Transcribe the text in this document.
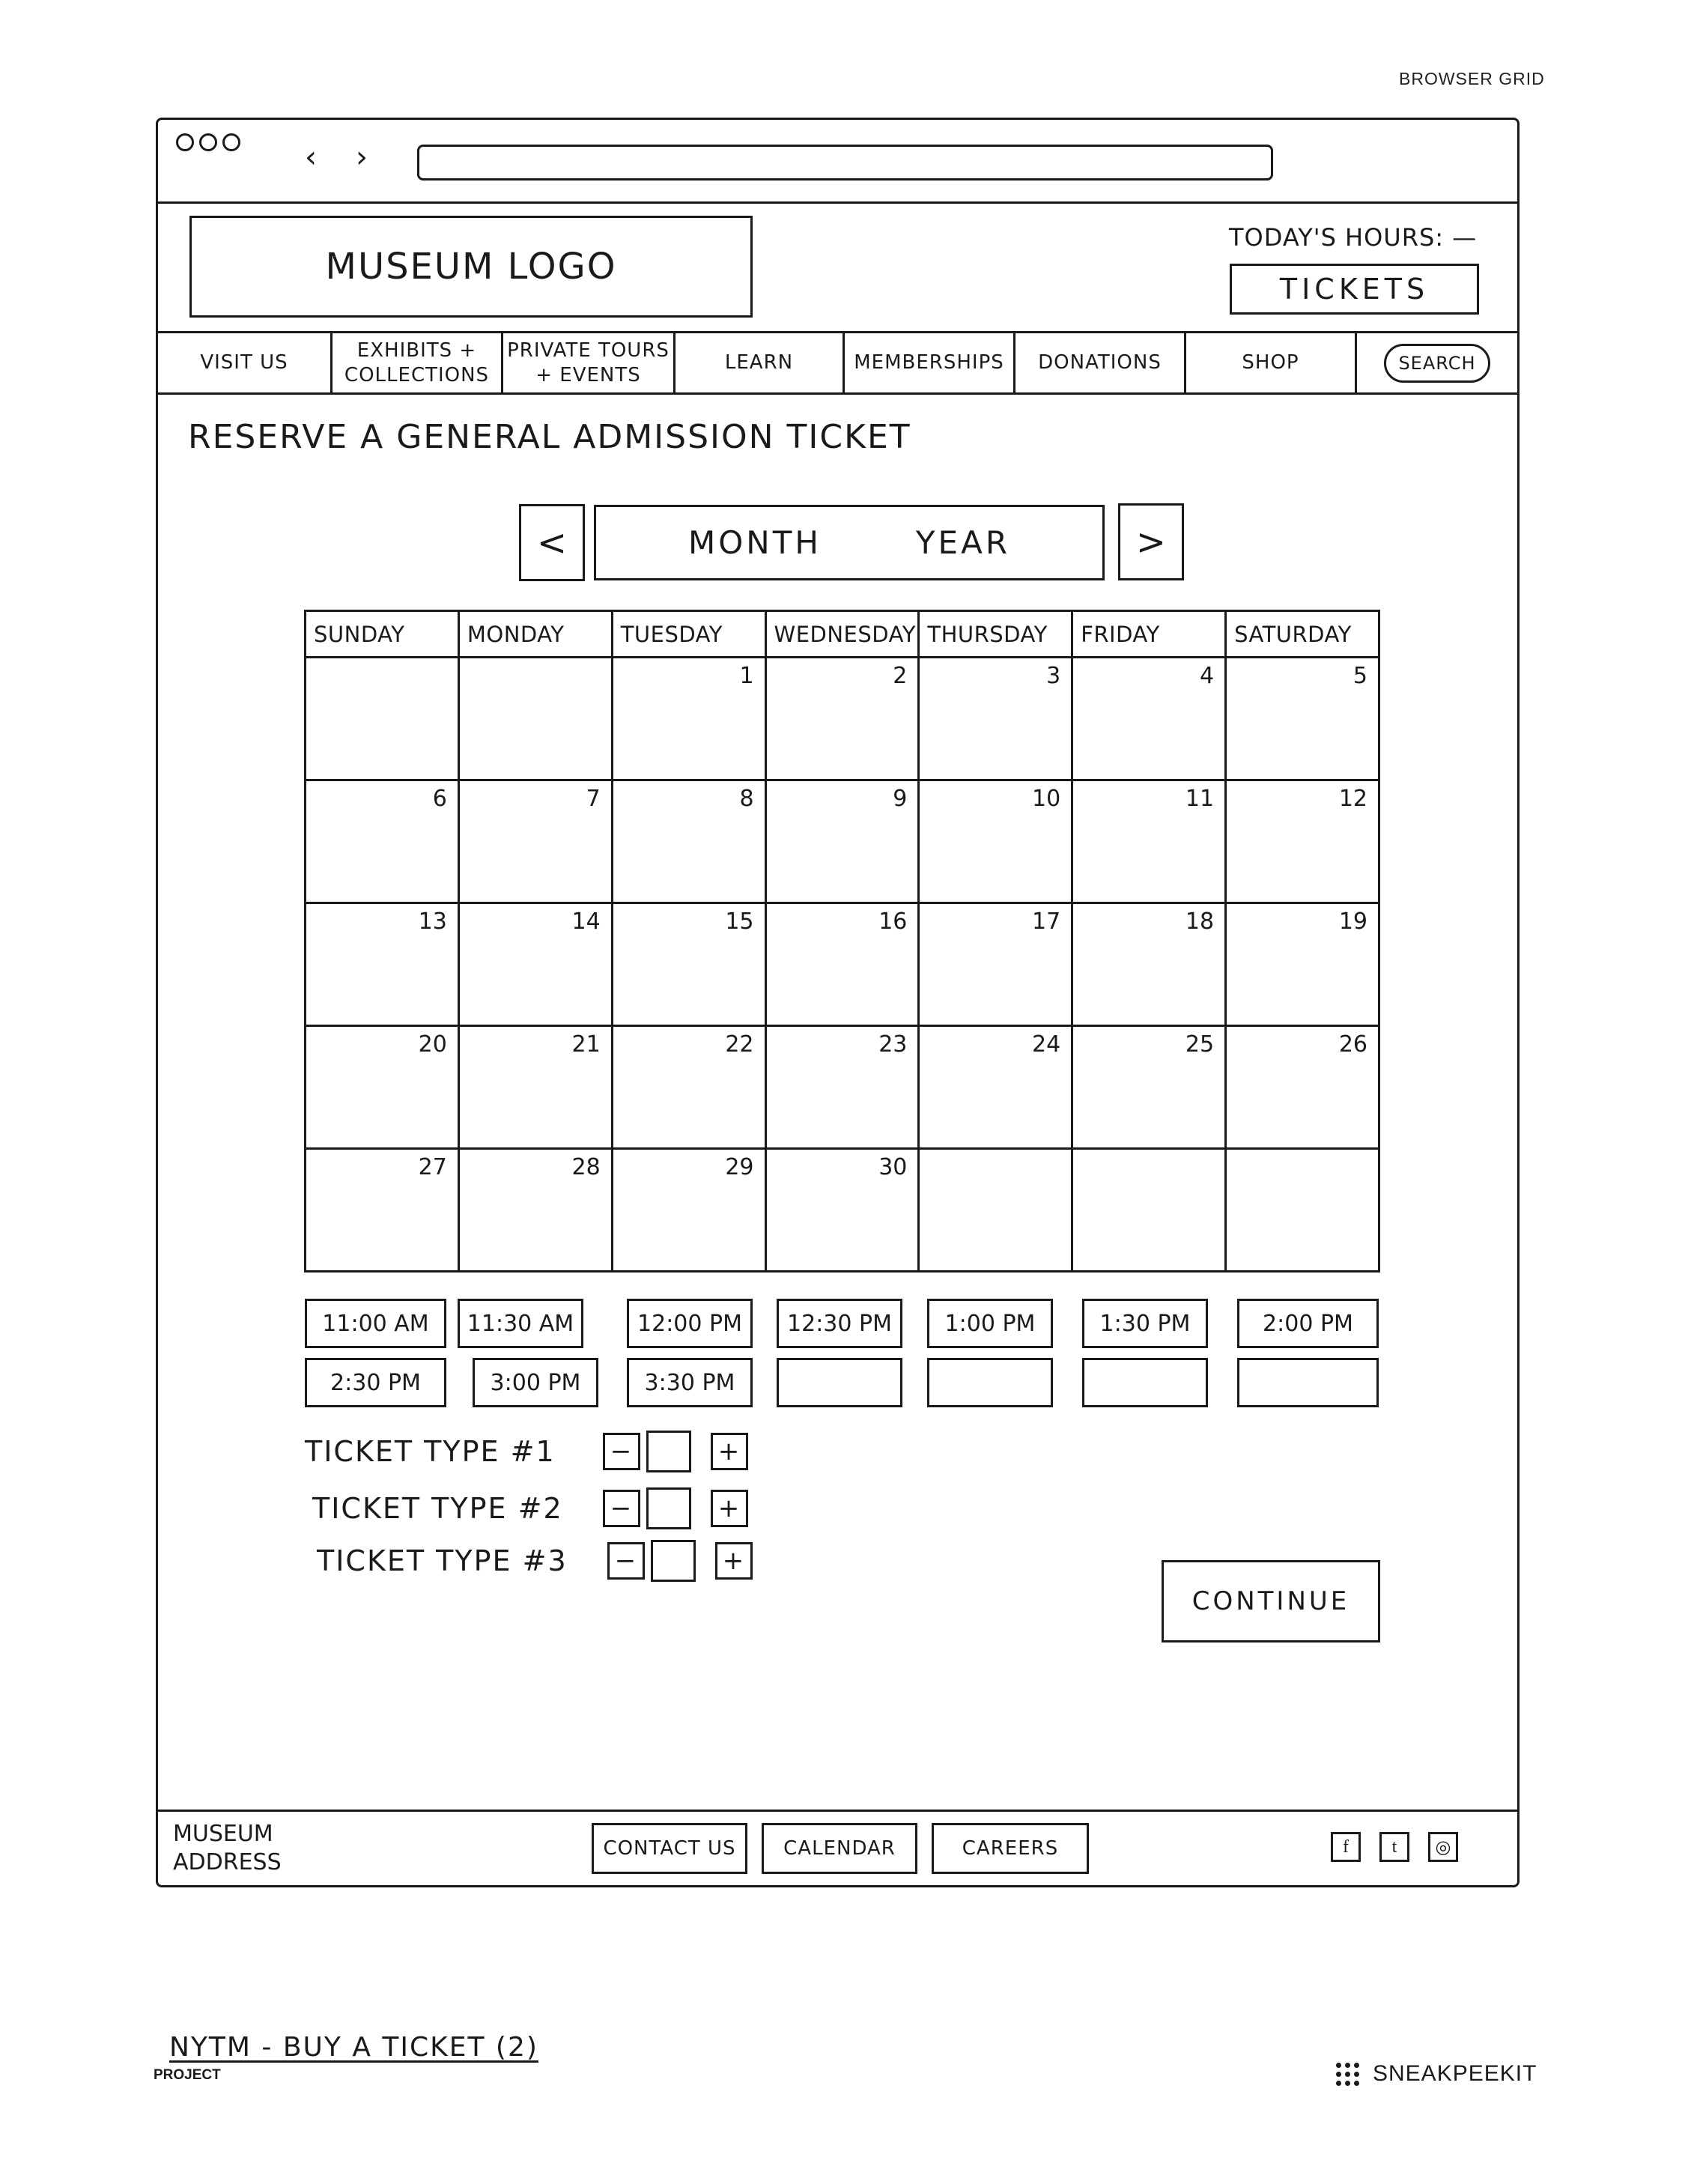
BROWSER GRID
‹ ›
MUSEUM LOGO
TODAY'S HOURS: —
TICKETS
VISIT US
EXHIBITS +
COLLECTIONS
PRIVATE TOURS
+ EVENTS
LEARN	MEMBERSHIPS DONATIONS	SHOP	SEARCH
RESERVE A GENERAL ADMISSION TICKET
<	MONTH	YEAR	>
SUNDAY	MONDAY	TUESDAY	WEDNESDAY	THURSDAY	FRIDAY	SATURDAY
		1	2	3	4	5
6	7	8	9	10	11	12
13	14	15	16	17	18	19
20	21	22	23	24	25	26
27	28	29	30			
11:00 AM	11:30 AM	12:00 PM	12:30 PM	1:00 PM	1:30 PM	2:00 PM
2:30 PM	3:00 PM	3:30 PM
TICKET TYPE #1	−	+
TICKET TYPE #2	−	+
TICKET TYPE #3	−	+
CONTINUE
MUSEUM
ADDRESS
CONTACT US	CALENDAR	CAREERS	f	t	◎
NYTM - BUY A TICKET (2)
PROJECT	SNEAKPEEKIT
